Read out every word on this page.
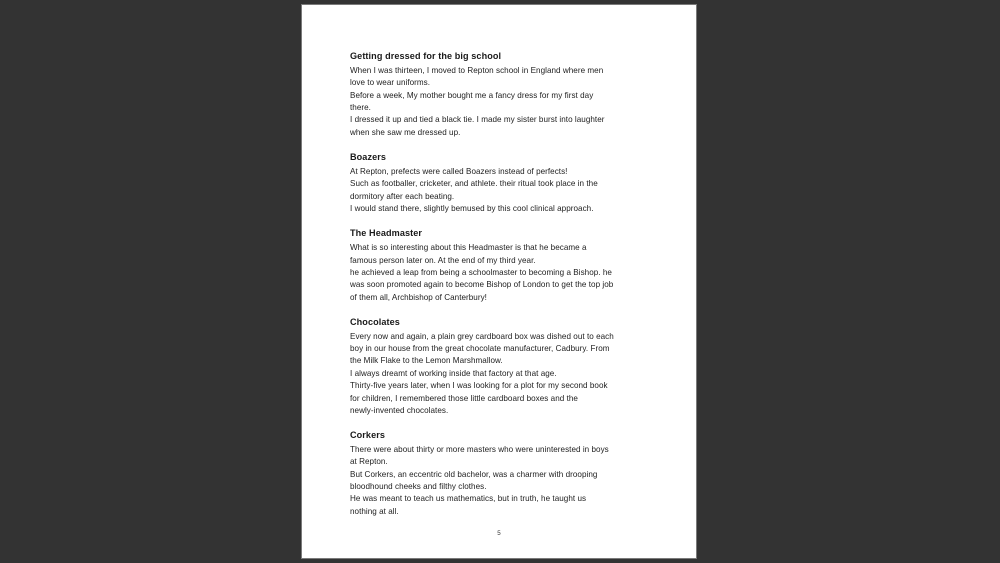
Getting dressed for the big school

When I was thirteen, I moved to Repton school in England where men

love to wear uniforms.

Before a week, My mother bought me a fancy dress for my first day

there.

I dressed it up and tied a black tie. I made my sister burst into laughter

when she saw me dressed up.

Boazers

At Repton, prefects were called Boazers instead of perfects!

Such as footballer, cricketer, and athlete. their ritual took place in the

dormitory after each beating.

I would stand there, slightly bemused by this cool clinical approach.

The Headmaster

What is so interesting about this Headmaster is that he became a

famous person later on. At the end of my third year.

he achieved a leap from being a schoolmaster to becoming a Bishop. he

was soon promoted again to become Bishop of London to get the top job

of them all, Archbishop of Canterbury!

Chocolates

Every now and again, a plain grey cardboard box was dished out to each

boy in our house from the great chocolate manufacturer, Cadbury. From

the Milk Flake to the Lemon Marshmallow.

I always dreamt of working inside that factory at that age.

Thirty-five years later, when I was looking for a plot for my second book

for children, I remembered those little cardboard boxes and the

newly-invented chocolates.

Corkers

There were about thirty or more masters who were uninterested in boys

at Repton.

But Corkers, an eccentric old bachelor, was a charmer with drooping

bloodhound cheeks and filthy clothes.

He was meant to teach us mathematics, but in truth, he taught us

nothing at all.

5
